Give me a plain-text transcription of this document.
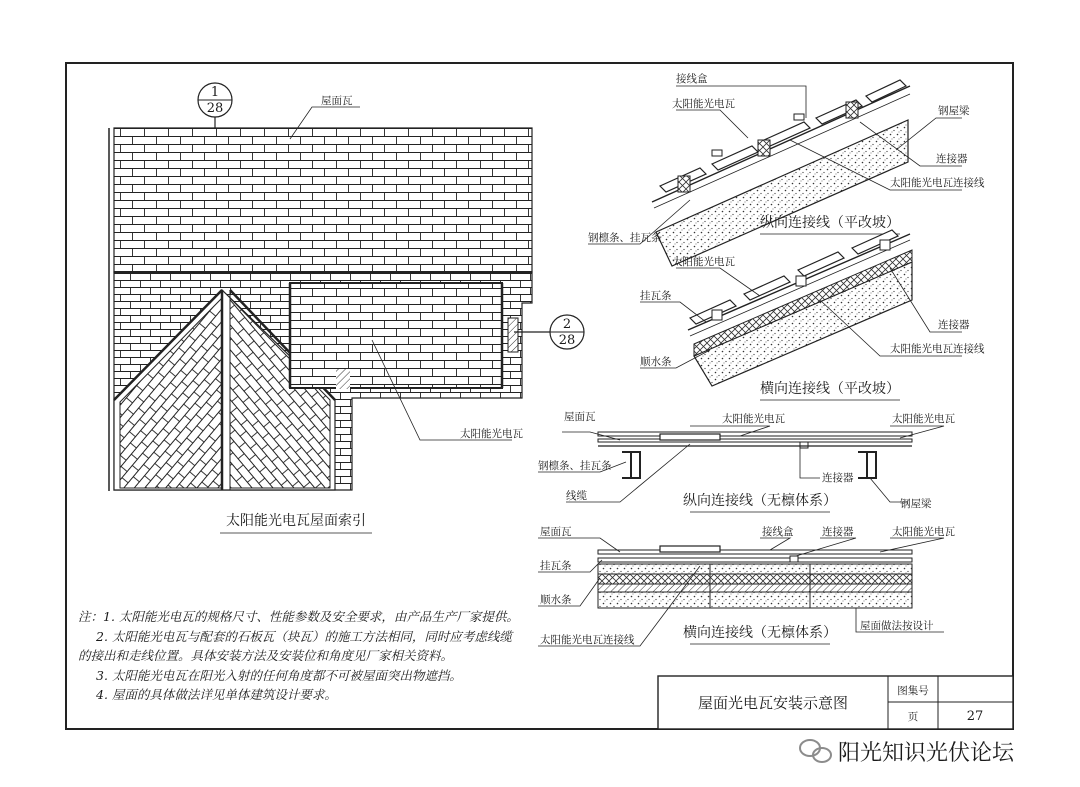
1
28
2
28
屋面瓦
太阳能光电瓦
太阳能光电瓦屋面索引
接线盒
太阳能光电瓦
钢屋梁
连接器
太阳能光电瓦连接线
钢檩条、挂瓦条
纵向连接线（平改坡）
太阳能光电瓦
挂瓦条
连接器
太阳能光电瓦连接线
顺水条
横向连接线（平改坡）
屋面瓦	太阳能光电瓦	太阳能光电瓦
钢檩条、挂瓦条
连接器
线缆
钢屋梁
纵向连接线（无檩体系）
屋面瓦	接线盒	连接器	太阳能光电瓦
挂瓦条
顺水条
太阳能光电瓦连接线
屋面做法按设计
横向连接线（无檩体系）
注：1. 太阳能光电瓦的规格尺寸、性能参数及安全要求，由产品生产厂家提供。
2. 太阳能光电瓦与配套的石板瓦（块瓦）的施工方法相同，同时应考虑线缆
的接出和走线位置。具体安装方法及安装位和角度见厂家相关资料。
3. 太阳能光电瓦在阳光入射的任何角度都不可被屋面突出物遮挡。
4. 屋面的具体做法详见单体建筑设计要求。	屋面光电瓦安装示意图
图集号
页	27
阳光知识光伏论坛
